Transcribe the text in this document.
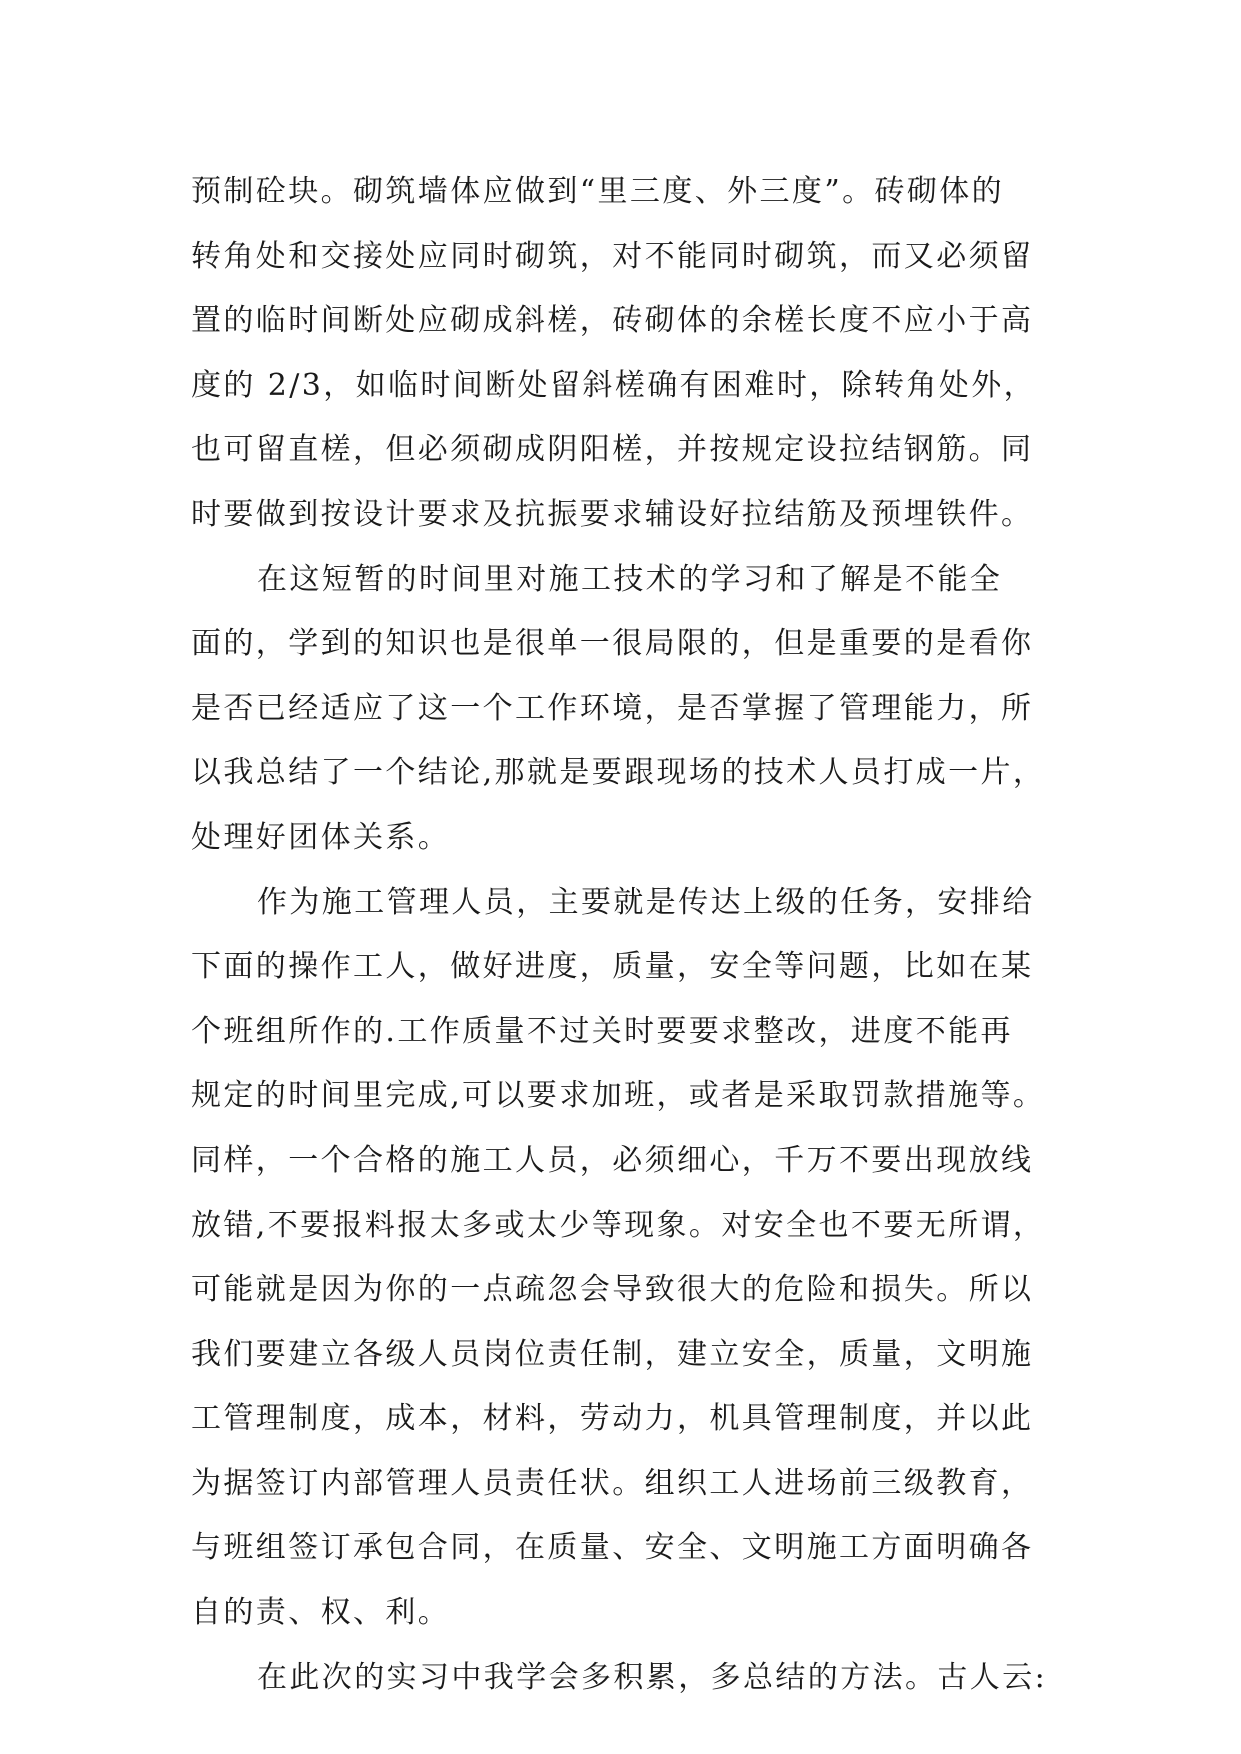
预制砼块。砌筑墙体应做到“里三度、外三度”。砖砌体的
转角处和交接处应同时砌筑，对不能同时砌筑，而又必须留
置的临时间断处应砌成斜槎，砖砌体的余槎长度不应小于高
度的 2/3，如临时间断处留斜槎确有困难时，除转角处外，
也可留直槎，但必须砌成阴阳槎，并按规定设拉结钢筋。同
时要做到按设计要求及抗振要求辅设好拉结筋及预埋铁件。
在这短暂的时间里对施工技术的学习和了解是不能全
面的，学到的知识也是很单一很局限的，但是重要的是看你
是否已经适应了这一个工作环境，是否掌握了管理能力，所
以我总结了一个结论,那就是要跟现场的技术人员打成一片，
处理好团体关系。
作为施工管理人员，主要就是传达上级的任务，安排给
下面的操作工人，做好进度，质量，安全等问题，比如在某
个班组所作的.工作质量不过关时要要求整改，进度不能再
规定的时间里完成,可以要求加班，或者是采取罚款措施等。
同样，一个合格的施工人员，必须细心，千万不要出现放线
放错,不要报料报太多或太少等现象。对安全也不要无所谓，
可能就是因为你的一点疏忽会导致很大的危险和损失。所以
我们要建立各级人员岗位责任制，建立安全，质量，文明施
工管理制度，成本，材料，劳动力，机具管理制度，并以此
为据签订内部管理人员责任状。组织工人进场前三级教育，
与班组签订承包合同，在质量、安全、文明施工方面明确各
自的责、权、利。
在此次的实习中我学会多积累，多总结的方法。古人云:
